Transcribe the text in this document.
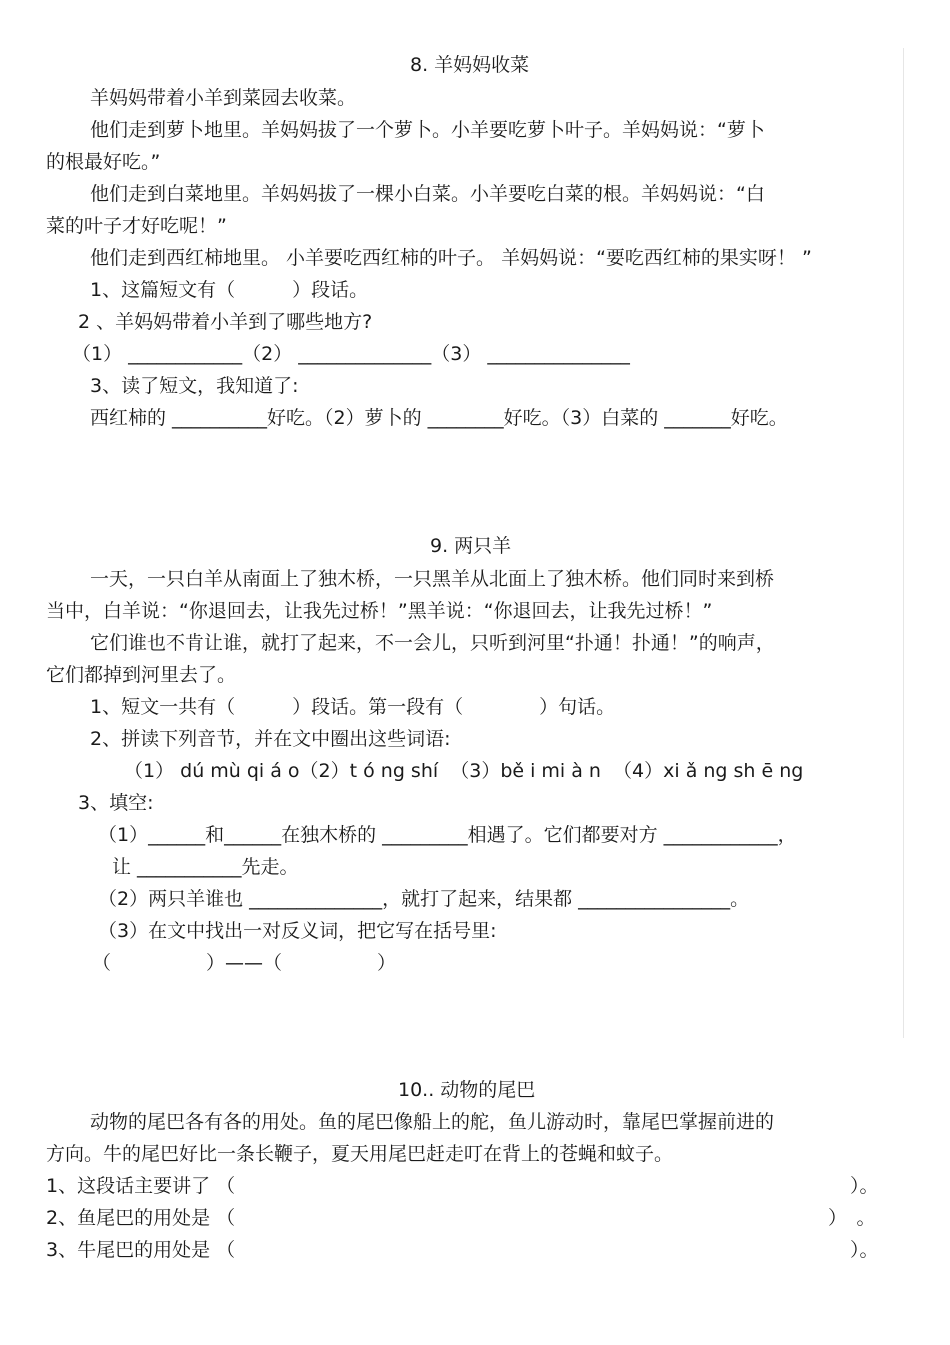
8. 羊妈妈收菜
羊妈妈带着小羊到菜园去收菜。
他们走到萝卜地里。羊妈妈拔了一个萝卜。小羊要吃萝卜叶子。羊妈妈说：“萝卜
的根最好吃。”
他们走到白菜地里。羊妈妈拔了一棵小白菜。小羊要吃白菜的根。羊妈妈说：“白
菜的叶子才好吃呢！”
他们走到西红柿地里。 小羊要吃西红柿的叶子。 羊妈妈说：“要吃西红柿的果实呀！ ”
1、这篇短文有（　　　）段话。
2 、羊妈妈带着小羊到了哪些地方?
（1） ____________（2） ______________（3） _______________
3、读了短文，我知道了:
西红柿的 __________好吃。（2）萝卜的 ________好吃。（3）白菜的 _______好吃。
9. 两只羊
一天，一只白羊从南面上了独木桥，一只黑羊从北面上了独木桥。他们同时来到桥
当中，白羊说：“你退回去，让我先过桥！”黑羊说：“你退回去，让我先过桥！”
它们谁也不肯让谁，就打了起来，不一会儿，只听到河里“扑通！扑通！”的响声，
它们都掉到河里去了。
1、短文一共有（　　　）段话。第一段有（　　　　）句话。
2、拼读下列音节，并在文中圈出这些词语:
（1） dú mù qi á o（2）t ó ng shí  （3）bě i mi à n  （4）xi ǎ ng sh ē ng
3、填空:
（1）______和______在独木桥的 _________相遇了。它们都要对方 ____________，
让 ___________先走。
（2）两只羊谁也 ______________，就打了起来，结果都 ________________。
（3）在文中找出一对反义词，把它写在括号里:
（　　　　　）——（　　　　　）
10.. 动物的尾巴
动物的尾巴各有各的用处。鱼的尾巴像船上的舵，鱼儿游动时，靠尾巴掌握前进的
方向。牛的尾巴好比一条长鞭子，夏天用尾巴赶走叮在背上的苍蝇和蚊子。
1、这段话主要讲了 （	）。
2、鱼尾巴的用处是 （	）　。
3、牛尾巴的用处是 （	）。
